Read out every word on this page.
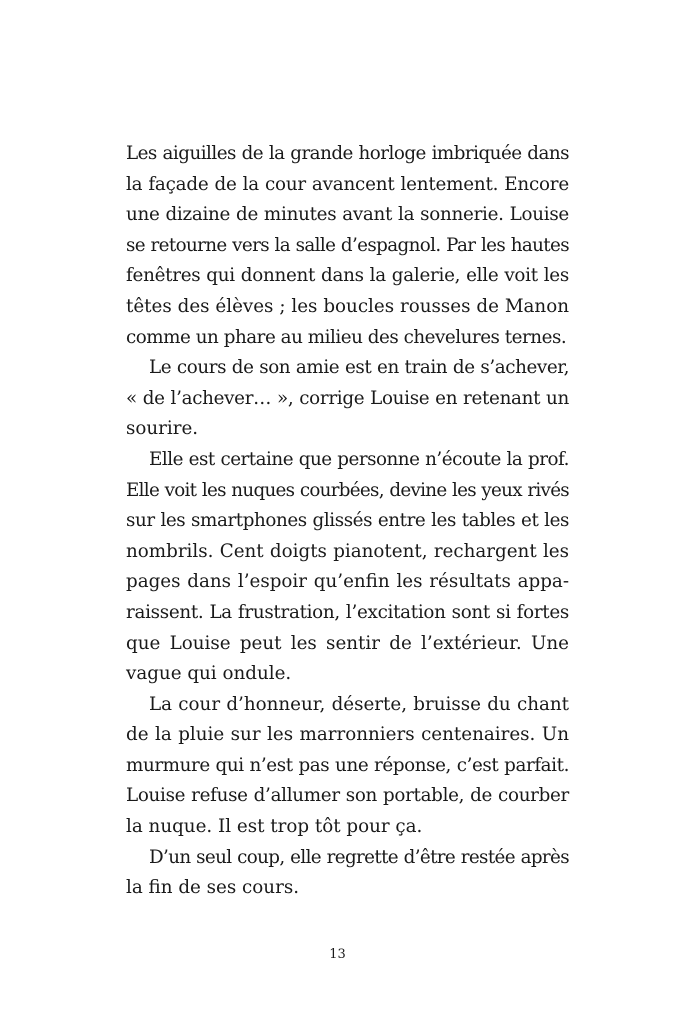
Les aiguilles de la grande horloge imbriquée dans
la façade de la cour avancent lentement. Encore
une dizaine de minutes avant la sonnerie. Louise
se retourne vers la salle d’espagnol. Par les hautes
fenêtres qui donnent dans la galerie, elle voit les
têtes des élèves ; les boucles rousses de Manon
comme un phare au milieu des chevelures ternes.
Le cours de son amie est en train de s’achever,
« de l’achever… », corrige Louise en retenant un
sourire.
Elle est certaine que personne n’écoute la prof.
Elle voit les nuques courbées, devine les yeux rivés
sur les smartphones glissés entre les tables et les
nombrils. Cent doigts pianotent, rechargent les
pages dans l’espoir qu’enfin les résultats appa-
raissent. La frustration, l’excitation sont si fortes
que Louise peut les sentir de l’extérieur. Une
vague qui ondule.
La cour d’honneur, déserte, bruisse du chant
de la pluie sur les marronniers centenaires. Un
murmure qui n’est pas une réponse, c’est parfait.
Louise refuse d’allumer son portable, de courber
la nuque. Il est trop tôt pour ça.
D’un seul coup, elle regrette d’être restée après
la fin de ses cours.
13
